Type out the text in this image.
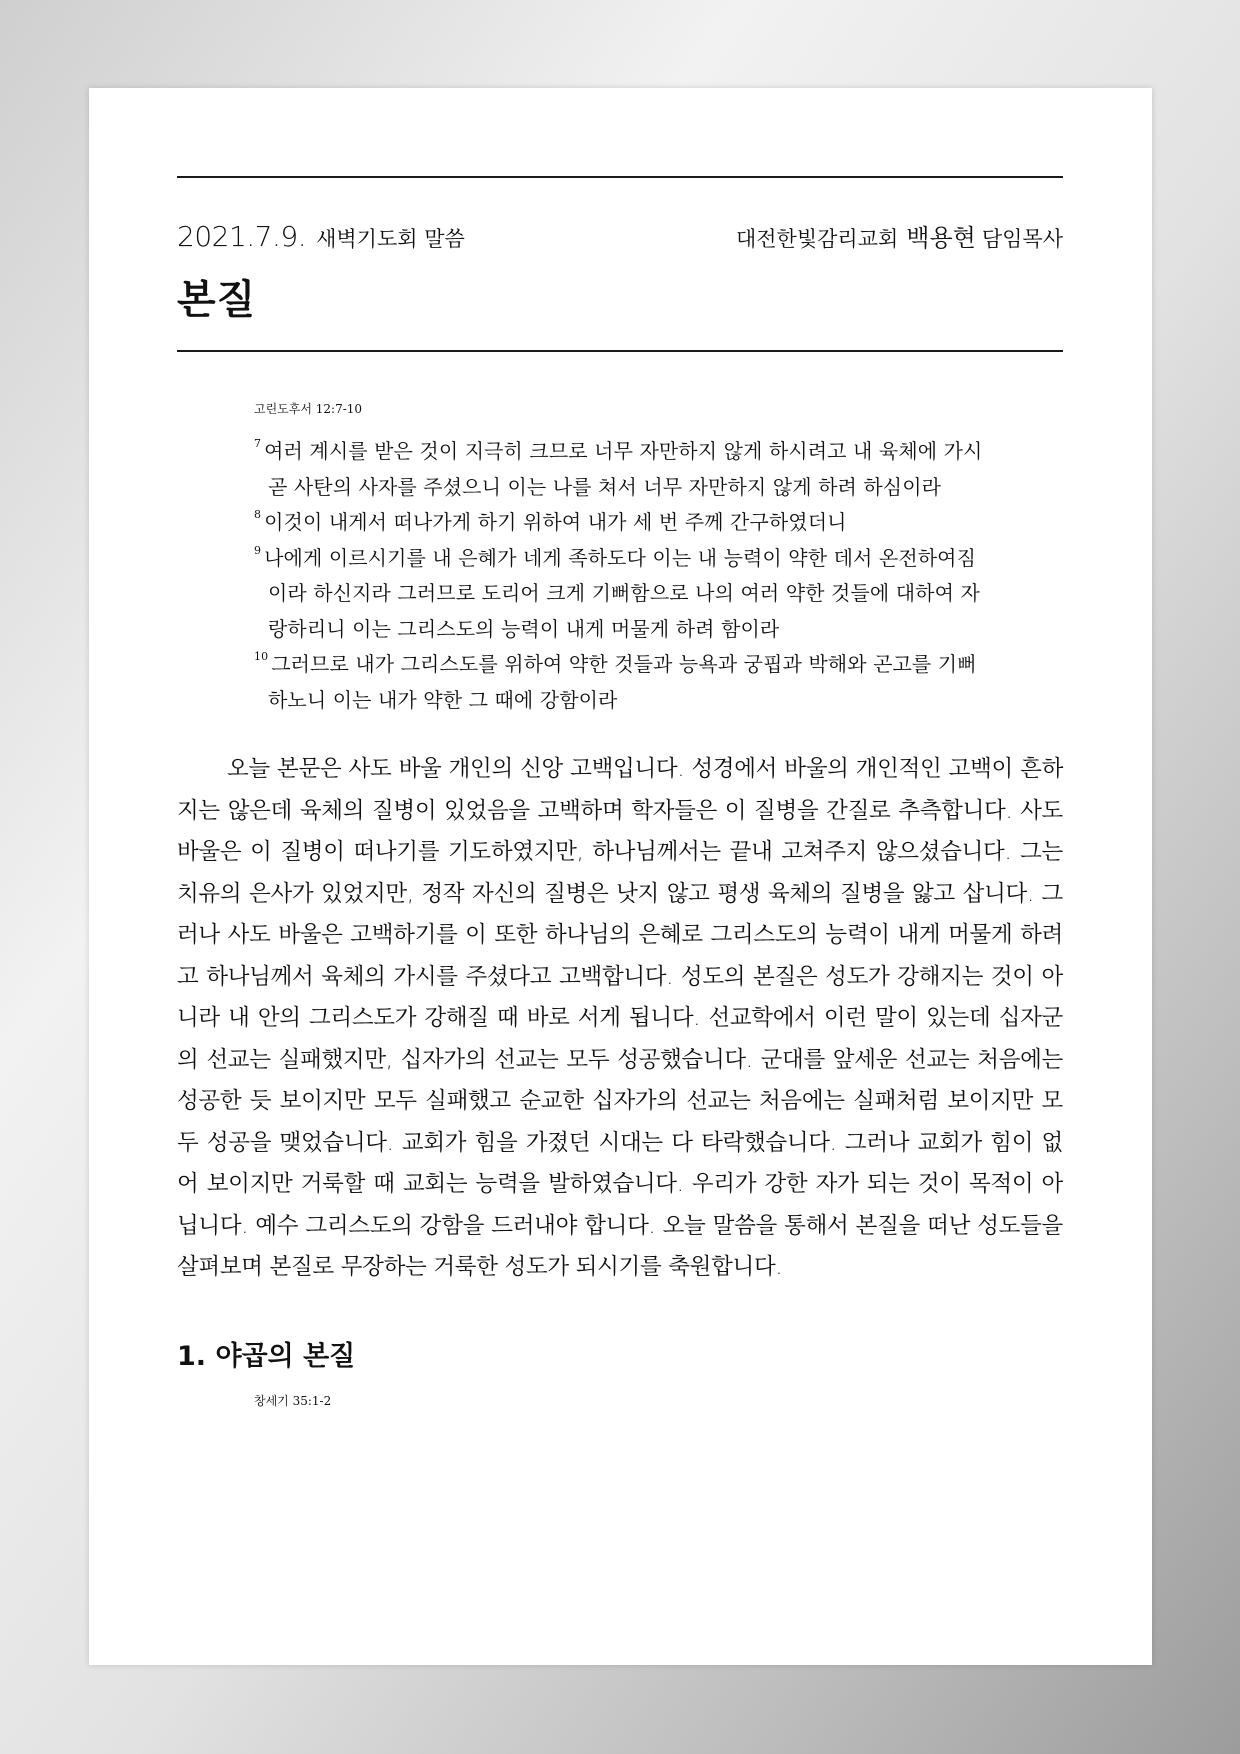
2021.7.9. 새벽기도회 말씀	대전한빛감리교회 백용현 담임목사
본질
고린도후서 12:7-10
$^7$ 여러 계시를 받은 것이 지극히 크므로 너무 자만하지 않게 하시려고 내 육체에 가시 곧 사탄의 사자를 주셨으니 이는 나를 쳐서 너무 자만하지 않게 하려 하심이라
$^8$ 이것이 내게서 떠나가게 하기 위하여 내가 세 번 주께 간구하였더니
$^9$ 나에게 이르시기를 내 은혜가 네게 족하도다 이는 내 능력이 약한 데서 온전하여짐이라 하신지라 그러므로 도리어 크게 기뻐함으로 나의 여러 약한 것들에 대하여 자랑하리니 이는 그리스도의 능력이 내게 머물게 하려 함이라
$^{10}$ 그러므로 내가 그리스도를 위하여 약한 것들과 능욕과 궁핍과 박해와 곤고를 기뻐하노니 이는 내가 약한 그 때에 강함이라

오늘 본문은 사도 바울 개인의 신앙 고백입니다. 성경에서 바울의 개인적인 고백이 흔하지는 않은데 육체의 질병이 있었음을 고백하며 학자들은 이 질병을 간질로 추측합니다. 사도 바울은 이 질병이 떠나기를 기도하였지만, 하나님께서는 끝내 고쳐주지 않으셨습니다. 그는 치유의 은사가 있었지만, 정작 자신의 질병은 낫지 않고 평생 육체의 질병을 앓고 삽니다. 그러나 사도 바울은 고백하기를 이 또한 하나님의 은혜로 그리스도의 능력이 내게 머물게 하려고 하나님께서 육체의 가시를 주셨다고 고백합니다. 성도의 본질은 성도가 강해지는 것이 아니라 내 안의 그리스도가 강해질 때 바로 서게 됩니다. 선교학에서 이런 말이 있는데 십자군의 선교는 실패했지만, 십자가의 선교는 모두 성공했습니다. 군대를 앞세운 선교는 처음에는 성공한 듯 보이지만 모두 실패했고 순교한 십자가의 선교는 처음에는 실패처럼 보이지만 모두 성공을 맺었습니다. 교회가 힘을 가졌던 시대는 다 타락했습니다. 그러나 교회가 힘이 없어 보이지만 거룩할 때 교회는 능력을 발하였습니다. 우리가 강한 자가 되는 것이 목적이 아닙니다. 예수 그리스도의 강함을 드러내야 합니다. 오늘 말씀을 통해서 본질을 떠난 성도들을 살펴보며 본질로 무장하는 거룩한 성도가 되시기를 축원합니다.

1. 야곱의 본질
창세기 35:1-2
